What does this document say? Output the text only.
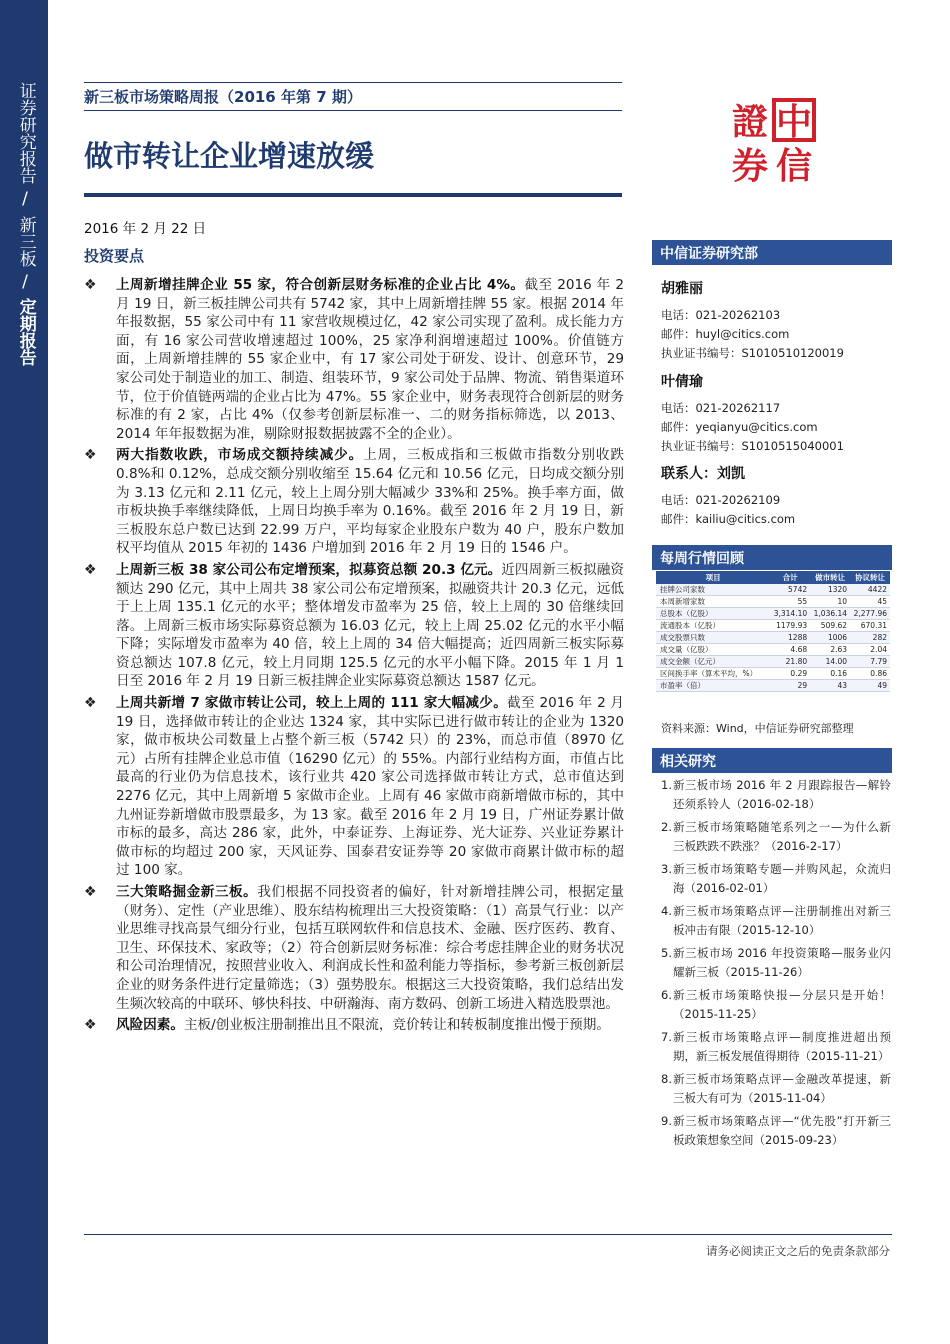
证券研究报告
/
新三板
/
定期报告
新三板市场策略周报（2016 年第 7 期）
做市转让企业增速放缓
2016 年 2 月 22 日
投资要点
證 中
券 信
❖ 上周新增挂牌企业 55 家，符合创新层财务标准的企业占比 4%。截至 2016 年 2 月 19 日，新三板挂牌公司共有 5742 家，其中上周新增挂牌 55 家。根据 2014 年年报数据，55 家公司中有 11 家营收规模过亿，42 家公司实现了盈利。成长能力方面，有 16 家公司营收增速超过 100%，25 家净利润增速超过 100%。价值链方面，上周新增挂牌的 55 家企业中，有 17 家公司处于研发、设计、创意环节，29 家公司处于制造业的加工、制造、组装环节，9 家公司处于品牌、物流、销售渠道环节，位于价值链两端的企业占比为 47%。55 家企业中，财务表现符合创新层的财务标准的有 2 家，占比 4%（仅参考创新层标准一、二的财务指标筛选，以 2013、2014 年年报数据为准，剔除财报数据披露不全的企业）。
❖ 两大指数收跌，市场成交额持续减少。上周，三板成指和三板做市指数分别收跌 0.8%和 0.12%，总成交额分别收缩至 15.64 亿元和 10.56 亿元，日均成交额分别为 3.13 亿元和 2.11 亿元，较上上周分别大幅减少 33%和 25%。换手率方面，做市板块换手率继续降低，上周日均换手率为 0.16%。截至 2016 年 2 月 19 日，新三板股东总户数已达到 22.99 万户，平均每家企业股东户数为 40 户，股东户数加权平均值从 2015 年初的 1436 户增加到 2016 年 2 月 19 日的 1546 户。
❖ 上周新三板 38 家公司公布定增预案，拟募资总额 20.3 亿元。近四周新三板拟融资额达 290 亿元，其中上周共 38 家公司公布定增预案，拟融资共计 20.3 亿元，远低于上上周 135.1 亿元的水平；整体增发市盈率为 25 倍，较上上周的 30 倍继续回落。上周新三板市场实际募资总额为 16.03 亿元，较上上周 25.02 亿元的水平小幅下降；实际增发市盈率为 40 倍，较上上周的 34 倍大幅提高；近四周新三板实际募资总额达 107.8 亿元，较上月同期 125.5 亿元的水平小幅下降。2015 年 1 月 1 日至 2016 年 2 月 19 日新三板挂牌企业实际募资总额达 1587 亿元。
❖ 上周共新增 7 家做市转让公司，较上上周的 111 家大幅减少。截至 2016 年 2 月 19 日，选择做市转让的企业达 1324 家，其中实际已进行做市转让的企业为 1320 家，做市板块公司数量上占整个新三板（5742 只）的 23%，而总市值（8970 亿元）占所有挂牌企业总市值（16290 亿元）的 55%。内部行业结构方面，市值占比最高的行业仍为信息技术，该行业共 420 家公司选择做市转让方式，总市值达到 2276 亿元，其中上周新增 5 家做市企业。上周有 46 家做市商新增做市标的，其中九州证券新增做市股票最多，为 13 家。截至 2016 年 2 月 19 日，广州证券累计做市标的最多，高达 286 家，此外，中泰证券、上海证券、光大证券、兴业证券累计做市标的均超过 200 家，天风证券、国泰君安证券等 20 家做市商累计做市标的超过 100 家。
❖ 三大策略掘金新三板。我们根据不同投资者的偏好，针对新增挂牌公司，根据定量（财务）、定性（产业思维）、股东结构梳理出三大投资策略：（1）高景气行业：以产业思维寻找高景气细分行业，包括互联网软件和信息技术、金融、医疗医药、教育、卫生、环保技术、家政等；（2）符合创新层财务标准：综合考虑挂牌企业的财务状况和公司治理情况，按照营业收入、利润成长性和盈利能力等指标，参考新三板创新层企业的财务条件进行定量筛选；（3）强势股东。根据这三大投资策略，我们总结出发生频次较高的中联环、够快科技、中研瀚海、南方数码、创新工场进入精选股票池。
❖ 风险因素。主板/创业板注册制推出且不限流，竞价转让和转板制度推出慢于预期。
中信证券研究部
胡雅丽
电话：021-20262103
邮件：huyl@citics.com
执业证书编号：S1010510120019
叶倩瑜
电话：021-20262117
邮件：yeqianyu@citics.com
执业证书编号：S1010515040001
联系人：刘凯
电话：021-20262109
邮件：kailiu@citics.com
每周行情回顾
项目	合计	做市转让	协议转让
挂牌公司家数	5742	1320	4422
本周新增家数	55	10	45
总股本（亿股）	3,314.10	1,036.14	2,277.96
流通股本（亿股）	1179.93	509.62	670.31
成交股票只数	1288	1006	282
成交量（亿股）	4.68	2.63	2.04
成交金额（亿元）	21.80	14.00	7.79
区间换手率（算术平均，%）	0.29	0.16	0.86
市盈率（倍）	29	43	49
资料来源：Wind，中信证券研究部整理
相关研究
1. 新三板市场 2016 年 2 月跟踪报告—解铃还须系铃人（2016-02-18）
2. 新三板市场策略随笔系列之一—为什么新三板跌跌不跌涨？（2016-2-17）
3. 新三板市场策略专题—并购风起，众流归海（2016-02-01）
4. 新三板市场策略点评—注册制推出对新三板冲击有限（2015-12-10）
5. 新三板市场 2016 年投资策略—服务业闪耀新三板（2015-11-26）
6. 新三板市场策略快报—分层只是开始！（2015-11-25）
7. 新三板市场策略点评—制度推进超出预期，新三板发展值得期待（2015-11-21）
8. 新三板市场策略点评—金融改革提速，新三板大有可为（2015-11-04）
9. 新三板市场策略点评—“优先股”打开新三板政策想象空间（2015-09-23）
请务必阅读正文之后的免责条款部分
